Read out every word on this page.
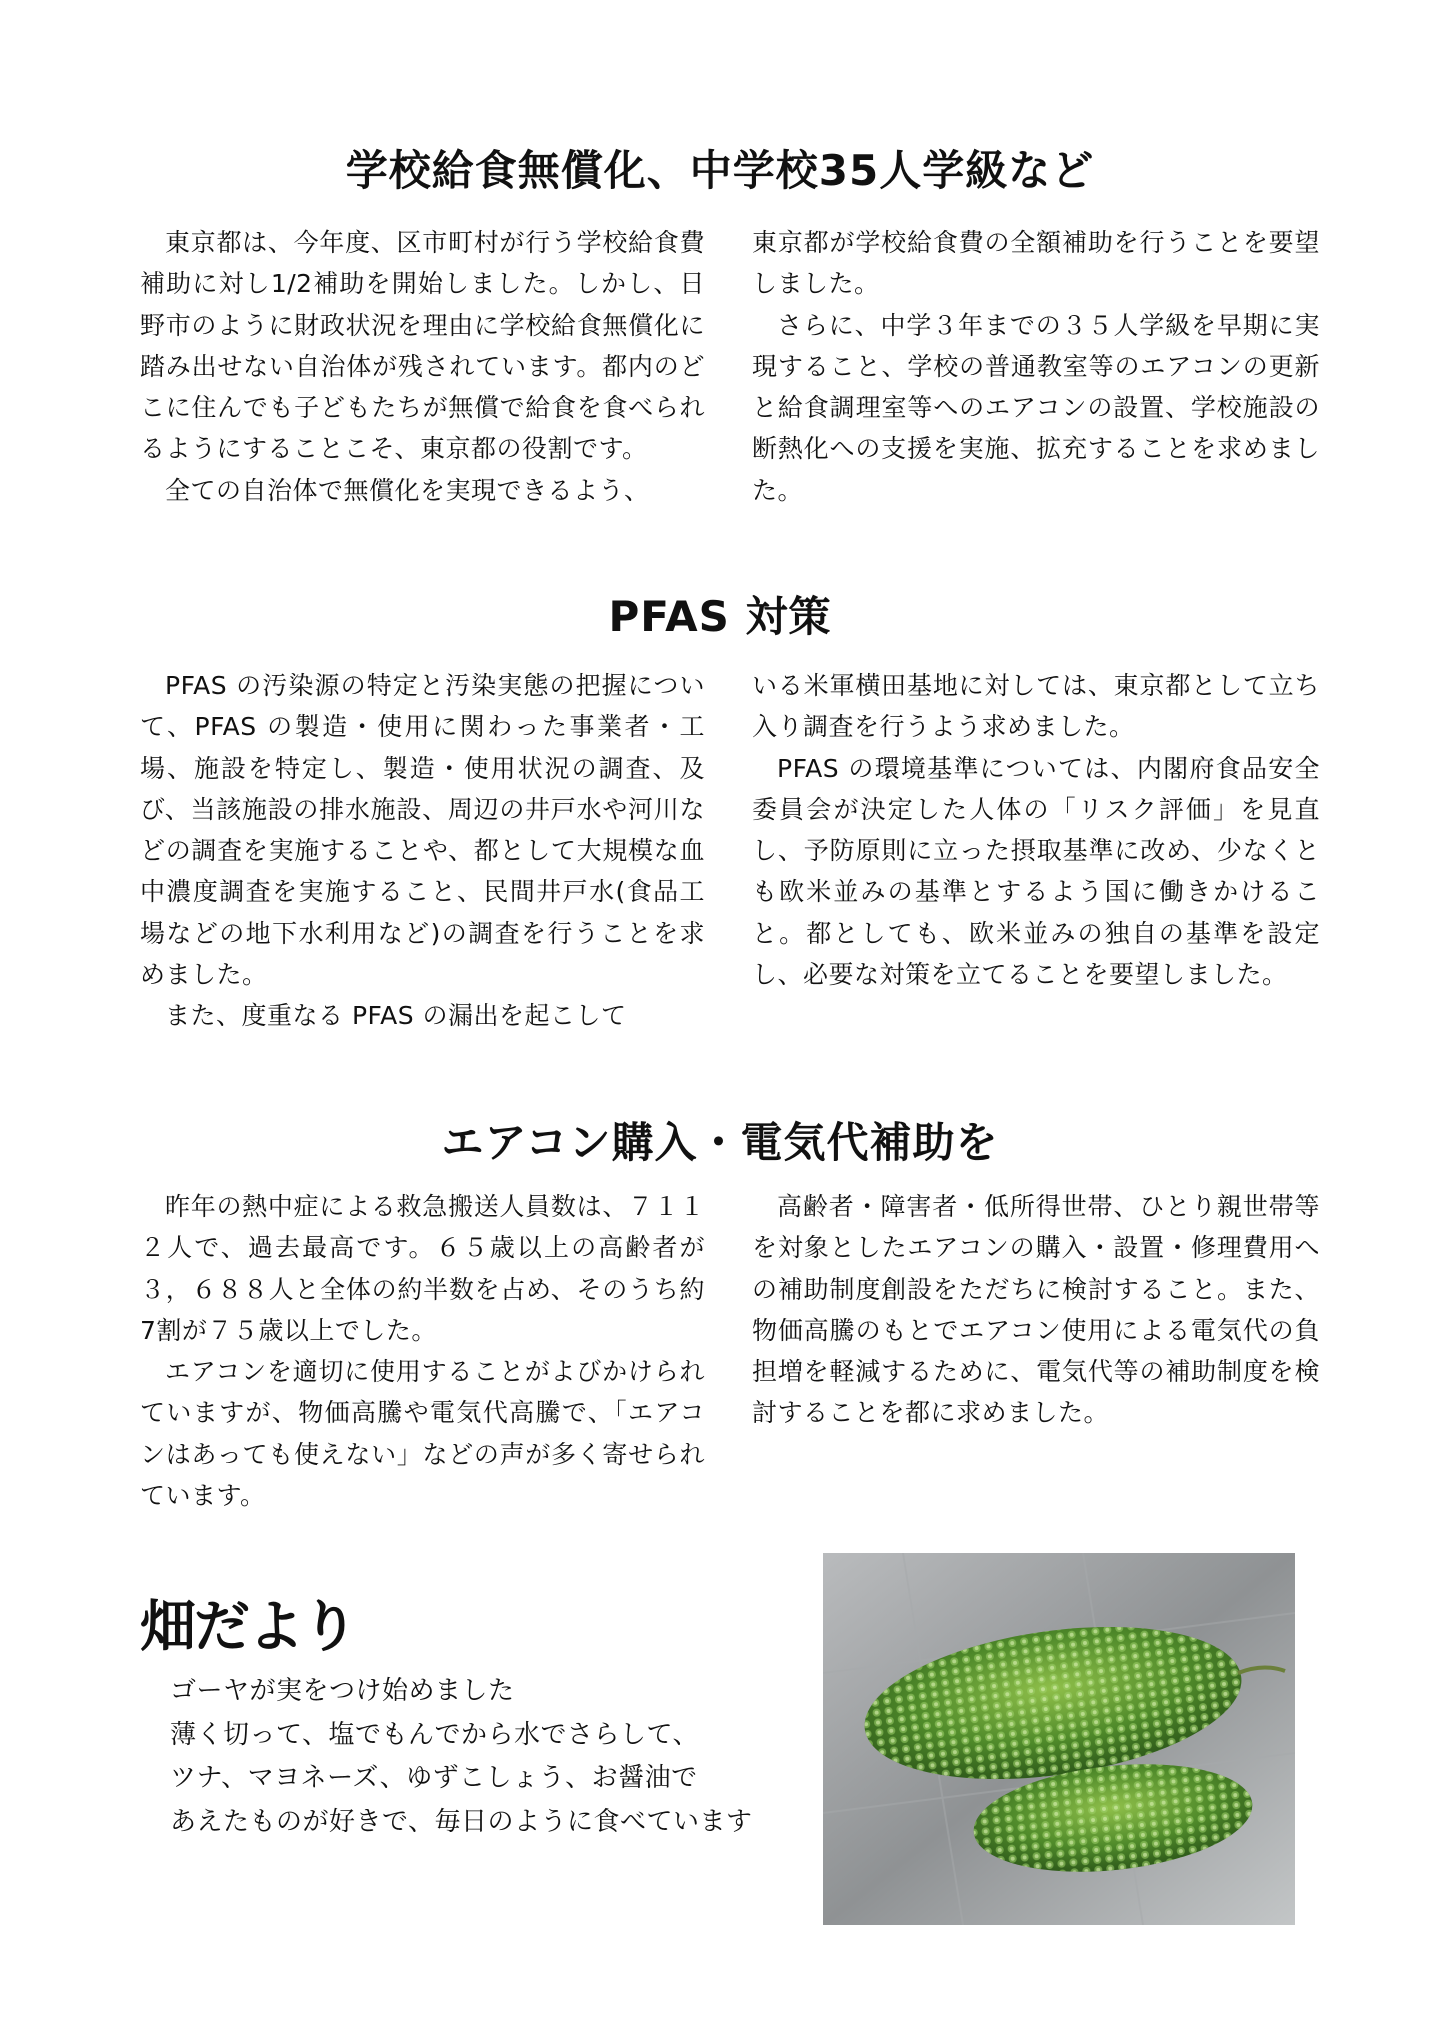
学校給食無償化、中学校35人学級など

東京都は、今年度、区市町村が行う学校給食費補助に対し1/2補助を開始しました。しかし、日野市のように財政状況を理由に学校給食無償化に踏み出せない自治体が残されています。都内のどこに住んでも子どもたちが無償で給食を食べられるようにすることこそ、東京都の役割です。

全ての自治体で無償化を実現できるよう、

東京都が学校給食費の全額補助を行うことを要望しました。

さらに、中学３年までの３５人学級を早期に実現すること、学校の普通教室等のエアコンの更新と給食調理室等へのエアコンの設置、学校施設の断熱化への支援を実施、拡充することを求めました。

PFAS 対策

PFAS の汚染源の特定と汚染実態の把握について、PFAS の製造・使用に関わった事業者・工場、施設を特定し、製造・使用状況の調査、及び、当該施設の排水施設、周辺の井戸水や河川などの調査を実施することや、都として大規模な血中濃度調査を実施すること、民間井戸水(食品工場などの地下水利用など)の調査を行うことを求めました。

また、度重なる PFAS の漏出を起こして

いる米軍横田基地に対しては、東京都として立ち入り調査を行うよう求めました。

PFAS の環境基準については、内閣府食品安全委員会が決定した人体の「リスク評価」を見直し、予防原則に立った摂取基準に改め、少なくとも欧米並みの基準とするよう国に働きかけること。都としても、欧米並みの独自の基準を設定し、必要な対策を立てることを要望しました。

エアコン購入・電気代補助を

昨年の熱中症による救急搬送人員数は、７１１２人で、過去最高です。６５歳以上の高齢者が３，６８８人と全体の約半数を占め、そのうち約7割が７５歳以上でした。

エアコンを適切に使用することがよびかけられていますが、物価高騰や電気代高騰で、「エアコンはあっても使えない」などの声が多く寄せられています。

高齢者・障害者・低所得世帯、ひとり親世帯等を対象としたエアコンの購入・設置・修理費用への補助制度創設をただちに検討すること。また、物価高騰のもとでエアコン使用による電気代の負担増を軽減するために、電気代等の補助制度を検討することを都に求めました。

畑だより
ゴーヤが実をつけ始めました
薄く切って、塩でもんでから水でさらして、
ツナ、マヨネーズ、ゆずこしょう、お醤油で
あえたものが好きで、毎日のように食べています
